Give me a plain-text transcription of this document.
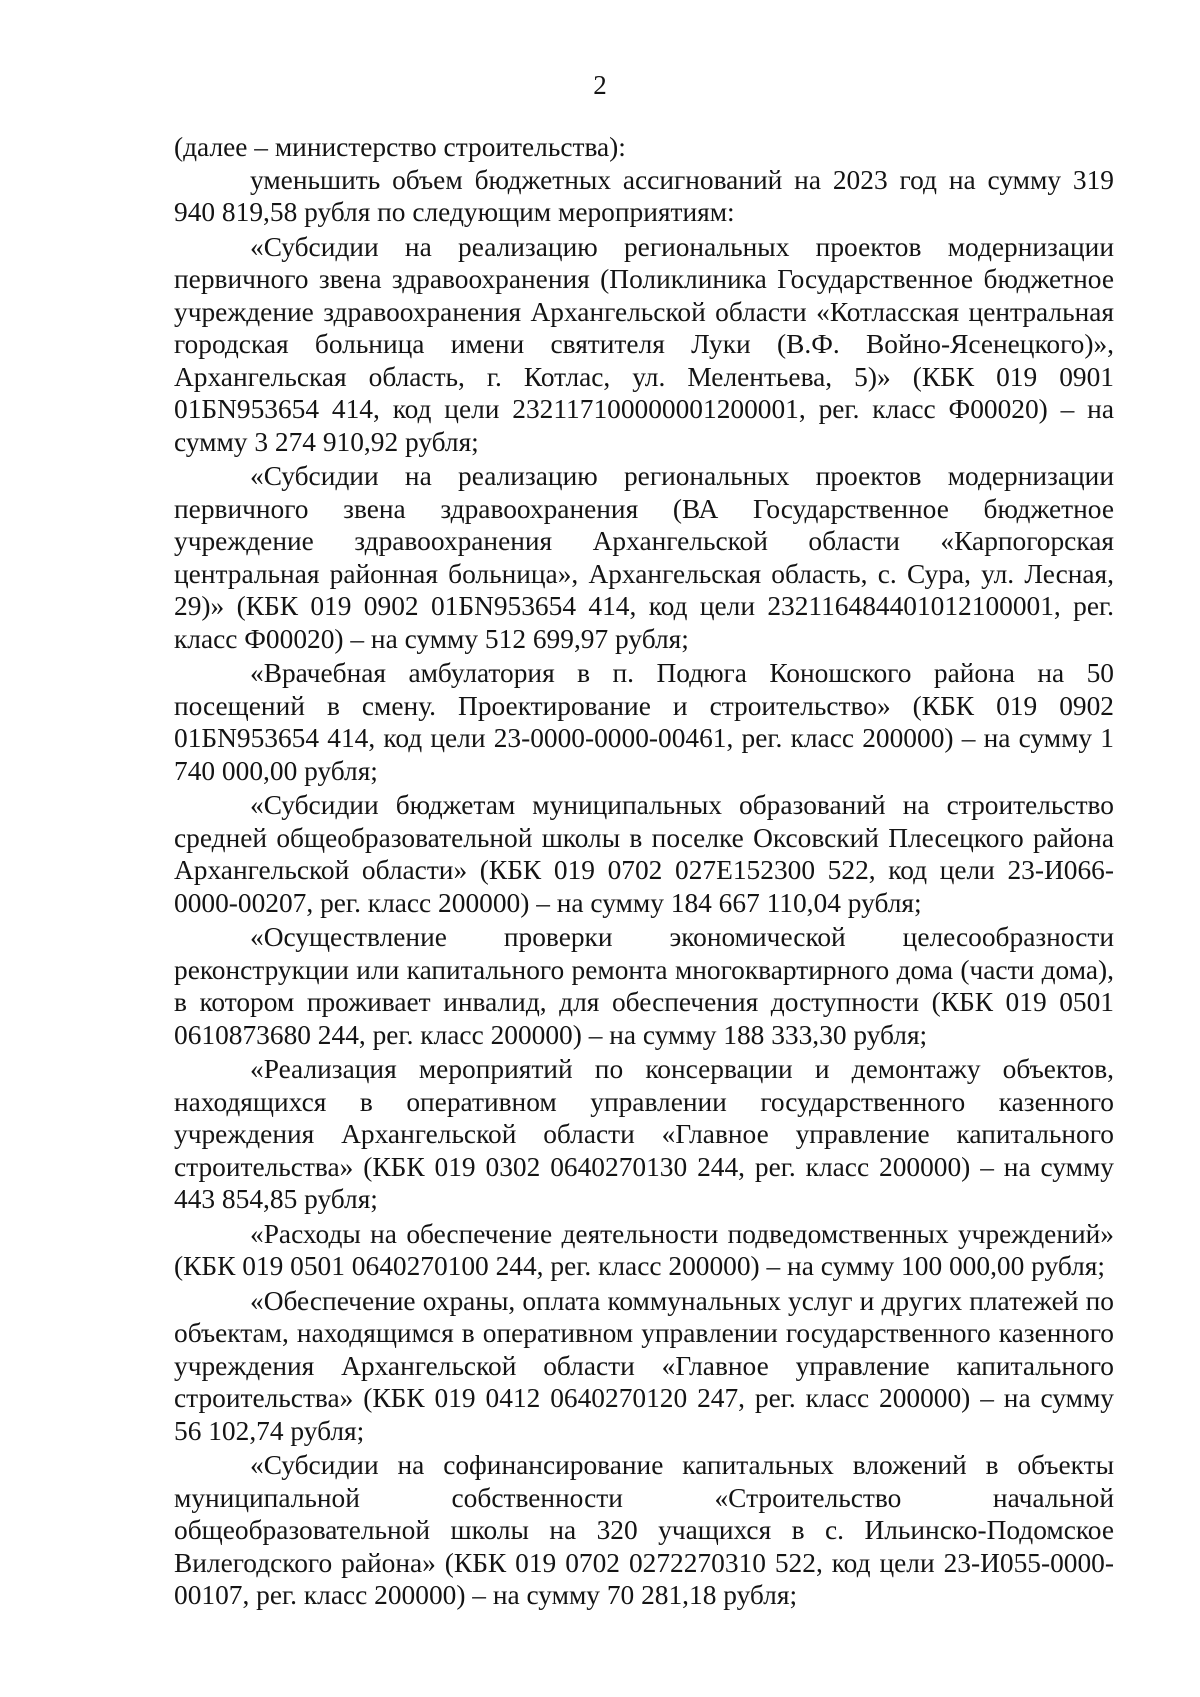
2

(далее – министерство строительства):

уменьшить объем бюджетных ассигнований на 2023 год на сумму 319 940 819,58 рубля по следующим мероприятиям:

«Субсидии на реализацию региональных проектов модернизации первичного звена здравоохранения (Поликлиника Государственное бюджетное учреждение здравоохранения Архангельской области «Котласская центральная городская больница имени святителя Луки (В.Ф. Войно-Ясенецкого)», Архангельская область, г. Котлас, ул. Мелентьева, 5)» (КБК 019 0901 01БN953654 414, код цели 232117100000001200001, рег. класс Ф00020) – на сумму 3 274 910,92 рубля;

«Субсидии на реализацию региональных проектов модернизации первичного звена здравоохранения (ВА Государственное бюджетное учреждение здравоохранения Архангельской области «Карпогорская центральная районная больница», Архангельская область, с. Сура, ул. Лесная, 29)» (КБК 019 0902 01БN953654 414, код цели 232116484401012100001, рег. класс Ф00020) – на сумму 512 699,97 рубля;

«Врачебная амбулатория в п. Подюга Коношского района на 50 посещений в смену. Проектирование и строительство» (КБК 019 0902 01БN953654 414, код цели 23-0000-0000-00461, рег. класс 200000) – на сумму 1 740 000,00 рубля;

«Субсидии бюджетам муниципальных образований на строительство средней общеобразовательной школы в поселке Оксовский Плесецкого района Архангельской области» (КБК 019 0702 027E152300 522, код цели 23-И066-0000-00207, рег. класс 200000) – на сумму 184 667 110,04 рубля;

«Осуществление проверки экономической целесообразности реконструкции или капитального ремонта многоквартирного дома (части дома), в котором проживает инвалид, для обеспечения доступности (КБК 019 0501 0610873680 244, рег. класс 200000) – на сумму 188 333,30 рубля;

«Реализация мероприятий по консервации и демонтажу объектов, находящихся в оперативном управлении государственного казенного учреждения Архангельской области «Главное управление капитального строительства» (КБК 019 0302 0640270130 244, рег. класс 200000) – на сумму 443 854,85 рубля;

«Расходы на обеспечение деятельности подведомственных учреждений» (КБК 019 0501 0640270100 244, рег. класс 200000) – на сумму 100 000,00 рубля;

«Обеспечение охраны, оплата коммунальных услуг и других платежей по объектам, находящимся в оперативном управлении государственного казенного учреждения Архангельской области «Главное управление капитального строительства» (КБК 019 0412 0640270120 247, рег. класс 200000) – на сумму 56 102,74 рубля;

«Субсидии на софинансирование капитальных вложений в объекты муниципальной собственности «Строительство начальной общеобразовательной школы на 320 учащихся в с. Ильинско-Подомское Вилегодского района» (КБК 019 0702 0272270310 522, код цели 23-И055-0000-00107, рег. класс 200000) – на сумму 70 281,18 рубля;
